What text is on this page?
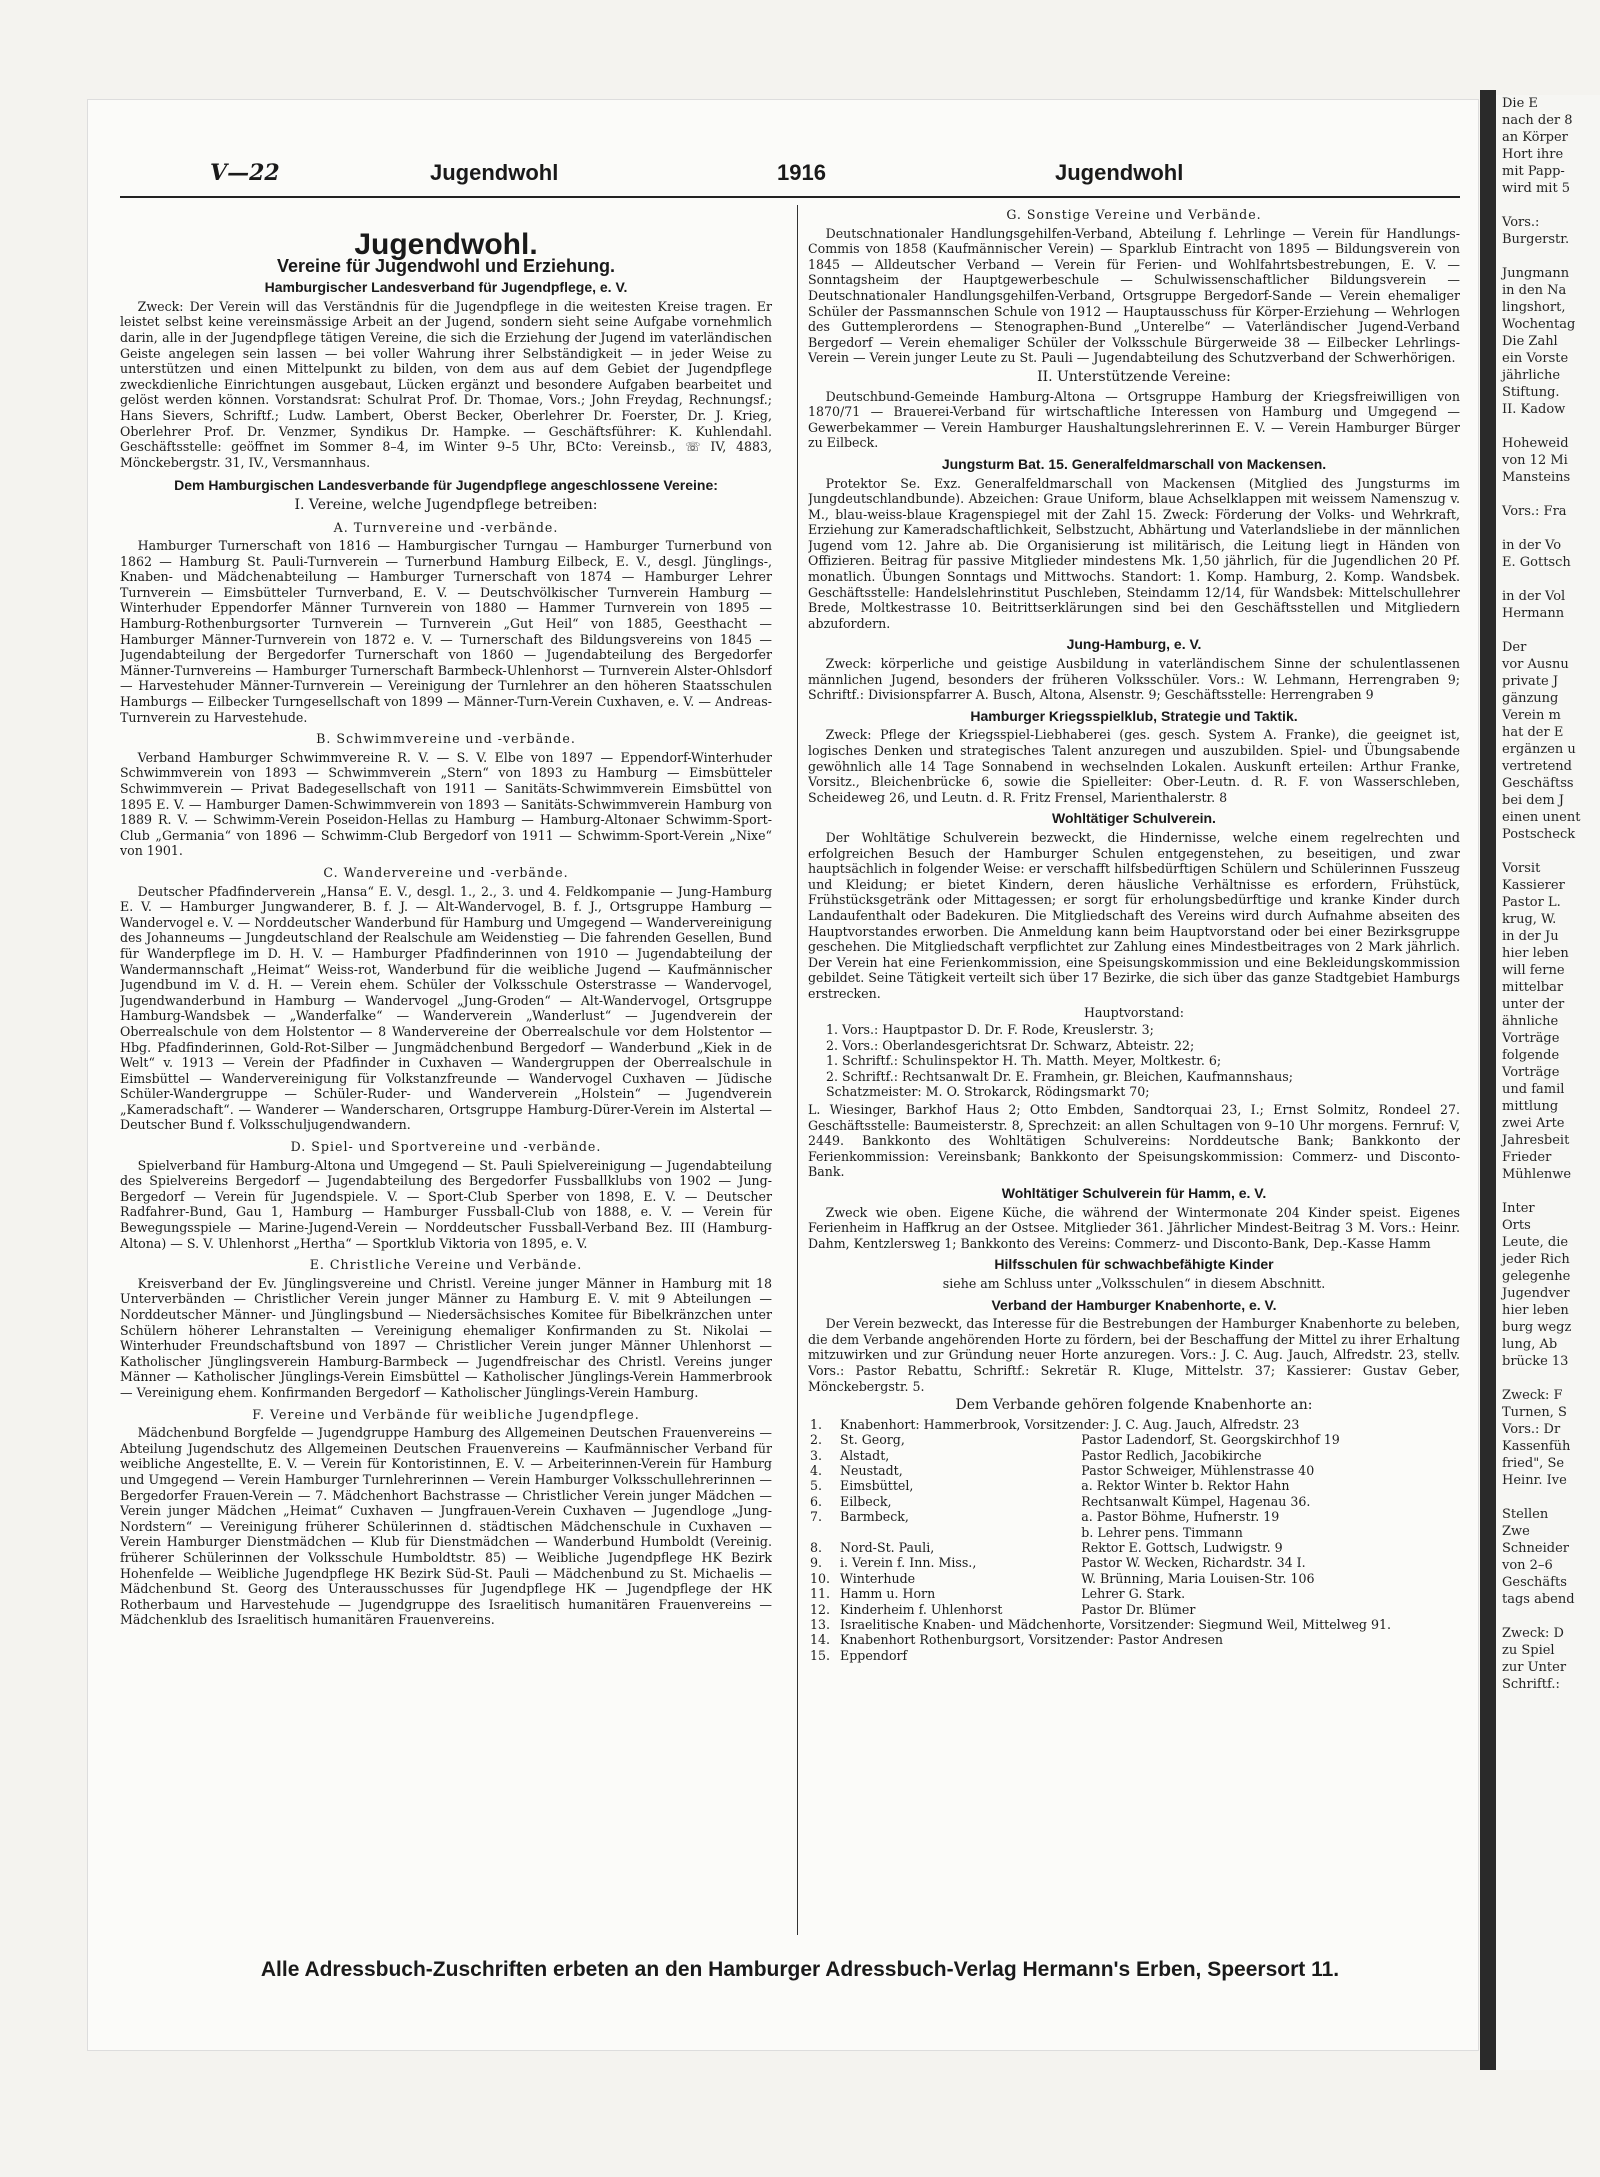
Die E
nach der 8
an Körper
Hort ihre
mit Papp-
wird mit 5

Vors.:
Burgerstr.

Jungmann
in den Na
lingshort,
Wochentag
Die Zahl
ein Vorste
jährliche
Stiftung.
II. Kadow

Hoheweid
von 12 Mi
Mansteins

Vors.: Fra

in der Vo
E. Gottsch

in der Vol
Hermann

Der
vor Ausnu
private J
gänzung
Verein m
hat der E
ergänzen u
vertretend
Geschäftss
bei dem J
einen unent
Postscheck

Vorsit
Kassierer
Pastor L.
krug, W.
in der Ju
hier leben
will ferne
mittelbar
unter der
ähnliche
Vorträge
folgende
Vorträge
und famil
mittlung
zwei Arte
Jahresbeit
Frieder
Mühlenwe

Inter
Orts
Leute, die
jeder Rich
gelegenhe
Jugendver
hier leben
burg wegz
lung, Ab
brücke 13

Zweck: F
Turnen, S
Vors.: Dr
Kassenfüh
fried", Se
Heinr. Ive

Stellen
Zwe
Schneider
von 2–6
Geschäfts
tags abend

Zweck: D
zu Spiel
zur Unter
Schriftf.:
V—22	Jugendwohl	1916	Jugendwohl
Jugendwohl.
Vereine für Jugendwohl und Erziehung.
Hamburgischer Landesverband für Jugendpflege, e. V.

Zweck: Der Verein will das Verständnis für die Jugendpflege in die weitesten Kreise tragen. Er leistet selbst keine vereinsmässige Arbeit an der Jugend, sondern sieht seine Aufgabe vornehmlich darin, alle in der Jugendpflege tätigen Vereine, die sich die Erziehung der Jugend im vaterländischen Geiste angelegen sein lassen — bei voller Wahrung ihrer Selbständigkeit — in jeder Weise zu unterstützen und einen Mittelpunkt zu bilden, von dem aus auf dem Gebiet der Jugendpflege zweckdienliche Einrichtungen ausgebaut, Lücken ergänzt und besondere Aufgaben bearbeitet und gelöst werden können. Vorstandsrat: Schulrat Prof. Dr. Thomae, Vors.; John Freydag, Rechnungsf.; Hans Sievers, Schriftf.; Ludw. Lambert, Oberst Becker, Oberlehrer Dr. Foerster, Dr. J. Krieg, Oberlehrer Prof. Dr. Venzmer, Syndikus Dr. Hampke. — Geschäftsführer: K. Kuhlendahl. Geschäftsstelle: geöffnet im Sommer 8–4, im Winter 9–5 Uhr, BCto: Vereinsb., ☏ IV, 4883, Mönckebergstr. 31, IV., Versmannhaus.

Dem Hamburgischen Landesverbande für Jugendpflege angeschlossene Vereine:
I. Vereine, welche Jugendpflege betreiben:
A. Turnvereine und -verbände.

Hamburger Turnerschaft von 1816 — Hamburgischer Turngau — Hamburger Turnerbund von 1862 — Hamburg St. Pauli-Turnverein — Turnerbund Hamburg Eilbeck, E. V., desgl. Jünglings-, Knaben- und Mädchenabteilung — Hamburger Turnerschaft von 1874 — Hamburger Lehrer Turnverein — Eimsbütteler Turnverband, E. V. — Deutschvölkischer Turnverein Hamburg — Winterhuder Eppendorfer Männer Turnverein von 1880 — Hammer Turnverein von 1895 — Hamburg-Rothenburgsorter Turnverein — Turnverein „Gut Heil“ von 1885, Geesthacht — Hamburger Männer-Turnverein von 1872 e. V. — Turnerschaft des Bildungsvereins von 1845 — Jugendabteilung der Bergedorfer Turnerschaft von 1860 — Jugendabteilung des Bergedorfer Männer-Turnvereins — Hamburger Turnerschaft Barmbeck-Uhlenhorst — Turnverein Alster-Ohlsdorf — Harvestehuder Männer-Turnverein — Vereinigung der Turnlehrer an den höheren Staatsschulen Hamburgs — Eilbecker Turngesellschaft von 1899 — Männer-Turn-Verein Cuxhaven, e. V. — Andreas-Turnverein zu Harvestehude.

B. Schwimmvereine und -verbände.

Verband Hamburger Schwimmvereine R. V. — S. V. Elbe von 1897 — Eppendorf-Winterhuder Schwimmverein von 1893 — Schwimmverein „Stern“ von 1893 zu Hamburg — Eimsbütteler Schwimmverein — Privat Badegesellschaft von 1911 — Sanitäts-Schwimmverein Eimsbüttel von 1895 E. V. — Hamburger Damen-Schwimmverein von 1893 — Sanitäts-Schwimmverein Hamburg von 1889 R. V. — Schwimm-Verein Poseidon-Hellas zu Hamburg — Hamburg-Altonaer Schwimm-Sport-Club „Germania“ von 1896 — Schwimm-Club Bergedorf von 1911 — Schwimm-Sport-Verein „Nixe“ von 1901.

C. Wandervereine und -verbände.

Deutscher Pfadfinderverein „Hansa“ E. V., desgl. 1., 2., 3. und 4. Feldkompanie — Jung-Hamburg E. V. — Hamburger Jungwanderer, B. f. J. — Alt-Wandervogel, B. f. J., Ortsgruppe Hamburg — Wandervogel e. V. — Norddeutscher Wanderbund für Hamburg und Umgegend — Wandervereinigung des Johanneums — Jungdeutschland der Realschule am Weidenstieg — Die fahrenden Gesellen, Bund für Wanderpflege im D. H. V. — Hamburger Pfadfinderinnen von 1910 — Jugendabteilung der Wandermannschaft „Heimat“ Weiss-rot, Wanderbund für die weibliche Jugend — Kaufmännischer Jugendbund im V. d. H. — Verein ehem. Schüler der Volksschule Osterstrasse — Wandervogel, Jugendwanderbund in Hamburg — Wandervogel „Jung-Groden“ — Alt-Wandervogel, Ortsgruppe Hamburg-Wandsbek — „Wanderfalke“ — Wanderverein „Wanderlust“ — Jugendverein der Oberrealschule von dem Holstentor — 8 Wandervereine der Oberrealschule vor dem Holstentor — Hbg. Pfadfinderinnen, Gold-Rot-Silber — Jungmädchenbund Bergedorf — Wanderbund „Kiek in de Welt“ v. 1913 — Verein der Pfadfinder in Cuxhaven — Wandergruppen der Oberrealschule in Eimsbüttel — Wandervereinigung für Volkstanzfreunde — Wandervogel Cuxhaven — Jüdische Schüler-Wandergruppe — Schüler-Ruder- und Wanderverein „Holstein“ — Jugendverein „Kameradschaft“. — Wanderer — Wanderscharen, Ortsgruppe Hamburg-Dürer-Verein im Alstertal — Deutscher Bund f. Volksschuljugendwandern.

D. Spiel- und Sportvereine und -verbände.

Spielverband für Hamburg-Altona und Umgegend — St. Pauli Spielvereinigung — Jugendabteilung des Spielvereins Bergedorf — Jugendabteilung des Bergedorfer Fussballklubs von 1902 — Jung-Bergedorf — Verein für Jugendspiele. V. — Sport-Club Sperber von 1898, E. V. — Deutscher Radfahrer-Bund, Gau 1, Hamburg — Hamburger Fussball-Club von 1888, e. V. — Verein für Bewegungsspiele — Marine-Jugend-Verein — Norddeutscher Fussball-Verband Bez. III (Hamburg-Altona) — S. V. Uhlenhorst „Hertha“ — Sportklub Viktoria von 1895, e. V.

E. Christliche Vereine und Verbände.

Kreisverband der Ev. Jünglingsvereine und Christl. Vereine junger Männer in Hamburg mit 18 Unterverbänden — Christlicher Verein junger Männer zu Hamburg E. V. mit 9 Abteilungen — Norddeutscher Männer- und Jünglingsbund — Niedersächsisches Komitee für Bibelkränzchen unter Schülern höherer Lehranstalten — Vereinigung ehemaliger Konfirmanden zu St. Nikolai — Winterhuder Freundschaftsbund von 1897 — Christlicher Verein junger Männer Uhlenhorst — Katholischer Jünglingsverein Hamburg-Barmbeck — Jugendfreischar des Christl. Vereins junger Männer — Katholischer Jünglings-Verein Eimsbüttel — Katholischer Jünglings-Verein Hammerbrook — Vereinigung ehem. Konfirmanden Bergedorf — Katholischer Jünglings-Verein Hamburg.

F. Vereine und Verbände für weibliche Jugendpflege.

Mädchenbund Borgfelde — Jugendgruppe Hamburg des Allgemeinen Deutschen Frauenvereins — Abteilung Jugendschutz des Allgemeinen Deutschen Frauenvereins — Kaufmännischer Verband für weibliche Angestellte, E. V. — Verein für Kontoristinnen, E. V. — Arbeiterinnen-Verein für Hamburg und Umgegend — Verein Hamburger Turnlehrerinnen — Verein Hamburger Volksschullehrerinnen — Bergedorfer Frauen-Verein — 7. Mädchenhort Bachstrasse — Christlicher Verein junger Mädchen — Verein junger Mädchen „Heimat“ Cuxhaven — Jungfrauen-Verein Cuxhaven — Jugendloge „Jung-Nordstern“ — Vereinigung früherer Schülerinnen d. städtischen Mädchenschule in Cuxhaven — Verein Hamburger Dienstmädchen — Klub für Dienstmädchen — Wanderbund Humboldt (Vereinig. früherer Schülerinnen der Volksschule Humboldtstr. 85) — Weibliche Jugendpflege HK Bezirk Hohenfelde — Weibliche Jugendpflege HK Bezirk Süd-St. Pauli — Mädchenbund zu St. Michaelis — Mädchenbund St. Georg des Unterausschusses für Jugendpflege HK — Jugendpflege der HK Rotherbaum und Harvestehude — Jugendgruppe des Israelitisch humanitären Frauenvereins — Mädchenklub des Israelitisch humanitären Frauenvereins.

G. Sonstige Vereine und Verbände.

Deutschnationaler Handlungsgehilfen-Verband, Abteilung f. Lehrlinge — Verein für Handlungs-Commis von 1858 (Kaufmännischer Verein) — Sparklub Eintracht von 1895 — Bildungsverein von 1845 — Alldeutscher Verband — Verein für Ferien- und Wohlfahrtsbestrebungen, E. V. — Sonntagsheim der Hauptgewerbeschule — Schulwissenschaftlicher Bildungsverein — Deutschnationaler Handlungsgehilfen-Verband, Ortsgruppe Bergedorf-Sande — Verein ehemaliger Schüler der Passmannschen Schule von 1912 — Hauptausschuss für Körper-Erziehung — Wehrlogen des Guttemplerordens — Stenographen-Bund „Unterelbe“ — Vaterländischer Jugend-Verband Bergedorf — Verein ehemaliger Schüler der Volksschule Bürgerweide 38 — Eilbecker Lehrlings-Verein — Verein junger Leute zu St. Pauli — Jugendabteilung des Schutzverband der Schwerhörigen.

II. Unterstützende Vereine:

Deutschbund-Gemeinde Hamburg-Altona — Ortsgruppe Hamburg der Kriegsfreiwilligen von 1870/71 — Brauerei-Verband für wirtschaftliche Interessen von Hamburg und Umgegend — Gewerbekammer — Verein Hamburger Haushaltungslehrerinnen E. V. — Verein Hamburger Bürger zu Eilbeck.

Jungsturm Bat. 15. Generalfeldmarschall von Mackensen.

Protektor Se. Exz. Generalfeldmarschall von Mackensen (Mitglied des Jungsturms im Jungdeutschlandbunde). Abzeichen: Graue Uniform, blaue Achselklappen mit weissem Namenszug v. M., blau-weiss-blaue Kragenspiegel mit der Zahl 15. Zweck: Förderung der Volks- und Wehrkraft, Erziehung zur Kameradschaftlichkeit, Selbstzucht, Abhärtung und Vaterlandsliebe in der männlichen Jugend vom 12. Jahre ab. Die Organisierung ist militärisch, die Leitung liegt in Händen von Offizieren. Beitrag für passive Mitglieder mindestens Mk. 1,50 jährlich, für die Jugendlichen 20 Pf. monatlich. Übungen Sonntags und Mittwochs. Standort: 1. Komp. Hamburg, 2. Komp. Wandsbek. Geschäftsstelle: Handelslehrinstitut Puschleben, Steindamm 12/14, für Wandsbek: Mittelschullehrer Brede, Moltkestrasse 10. Beitrittserklärungen sind bei den Geschäftsstellen und Mitgliedern abzufordern.

Jung-Hamburg, e. V.

Zweck: körperliche und geistige Ausbildung in vaterländischem Sinne der schulentlassenen männlichen Jugend, besonders der früheren Volksschüler. Vors.: W. Lehmann, Herrengraben 9; Schriftf.: Divisionspfarrer A. Busch, Altona, Alsenstr. 9; Geschäftsstelle: Herrengraben 9

Hamburger Kriegsspielklub, Strategie und Taktik.

Zweck: Pflege der Kriegsspiel-Liebhaberei (ges. gesch. System A. Franke), die geeignet ist, logisches Denken und strategisches Talent anzuregen und auszubilden. Spiel- und Übungsabende gewöhnlich alle 14 Tage Sonnabend in wechselnden Lokalen. Auskunft erteilen: Arthur Franke, Vorsitz., Bleichenbrücke 6, sowie die Spielleiter: Ober-Leutn. d. R. F. von Wasserschleben, Scheideweg 26, und Leutn. d. R. Fritz Frensel, Marienthalerstr. 8

Wohltätiger Schulverein.

Der Wohltätige Schulverein bezweckt, die Hindernisse, welche einem regelrechten und erfolgreichen Besuch der Hamburger Schulen entgegenstehen, zu beseitigen, und zwar hauptsächlich in folgender Weise: er verschafft hilfsbedürftigen Schülern und Schülerinnen Fusszeug und Kleidung; er bietet Kindern, deren häusliche Verhältnisse es erfordern, Frühstück, Frühstücksgetränk oder Mittagessen; er sorgt für erholungsbedürftige und kranke Kinder durch Landaufenthalt oder Badekuren. Die Mitgliedschaft des Vereins wird durch Aufnahme abseiten des Hauptvorstandes erworben. Die Anmeldung kann beim Hauptvorstand oder bei einer Bezirksgruppe geschehen. Die Mitgliedschaft verpflichtet zur Zahlung eines Mindestbeitrages von 2 Mark jährlich. Der Verein hat eine Ferienkommission, eine Speisungskommission und eine Bekleidungskommission gebildet. Seine Tätigkeit verteilt sich über 17 Bezirke, die sich über das ganze Stadtgebiet Hamburgs erstrecken.

Hauptvorstand:
1. Vors.: Hauptpastor D. Dr. F. Rode, Kreuslerstr. 3;
2. Vors.: Oberlandesgerichtsrat Dr. Schwarz, Abteistr. 22;
1. Schriftf.: Schulinspektor H. Th. Matth. Meyer, Moltkestr. 6;
2. Schriftf.: Rechtsanwalt Dr. E. Framhein, gr. Bleichen, Kaufmannshaus;
Schatzmeister: M. O. Strokarck, Rödingsmarkt 70;

L. Wiesinger, Barkhof Haus 2; Otto Embden, Sandtorquai 23, I.; Ernst Solmitz, Rondeel 27. Geschäftsstelle: Baumeisterstr. 8, Sprechzeit: an allen Schultagen von 9–10 Uhr morgens. Fernruf: V, 2449. Bankkonto des Wohltätigen Schulvereins: Norddeutsche Bank; Bankkonto der Ferienkommission: Vereinsbank; Bankkonto der Speisungskommission: Commerz- und Disconto-Bank.

Wohltätiger Schulverein für Hamm, e. V.

Zweck wie oben. Eigene Küche, die während der Wintermonate 204 Kinder speist. Eigenes Ferienheim in Haffkrug an der Ostsee. Mitglieder 361. Jährlicher Mindest-Beitrag 3 M. Vors.: Heinr. Dahm, Kentzlersweg 1; Bankkonto des Vereins: Commerz- und Disconto-Bank, Dep.-Kasse Hamm

Hilfsschulen für schwachbefähigte Kinder
siehe am Schluss unter „Volksschulen“ in diesem Abschnitt.
Verband der Hamburger Knabenhorte, e. V.

Der Verein bezweckt, das Interesse für die Bestrebungen der Hamburger Knabenhorte zu beleben, die dem Verbande angehörenden Horte zu fördern, bei der Beschaffung der Mittel zu ihrer Erhaltung mitzuwirken und zur Gründung neuer Horte anzuregen. Vors.: J. C. Aug. Jauch, Alfredstr. 23, stellv. Vors.: Pastor Rebattu, Schriftf.: Sekretär R. Kluge, Mittelstr. 37; Kassierer: Gustav Geber, Mönckebergstr. 5.

Dem Verbande gehören folgende Knabenhorte an:
1.	Knabenhort: Hammerbrook, Vorsitzender: J. C. Aug. Jauch, Alfredstr. 23	
2.	St. Georg,	Pastor Ladendorf, St. Georgskirchhof 19
3.	Alstadt,	Pastor Redlich, Jacobikirche
4.	Neustadt,	Pastor Schweiger, Mühlenstrasse 40
5.	Eimsbüttel,	a. Rektor Winter b. Rektor Hahn
6.	Eilbeck,	Rechtsanwalt Kümpel, Hagenau 36.
7.	Barmbeck,	a. Pastor Böhme, Hufnerstr. 19
		b. Lehrer pens. Timmann
8.	Nord-St. Pauli,	Rektor E. Gottsch, Ludwigstr. 9
9.	i. Verein f. Inn. Miss.,	Pastor W. Wecken, Richardstr. 34 I.
10.	Winterhude	W. Brünning, Maria Louisen-Str. 106
11.	Hamm u. Horn	Lehrer G. Stark.
12.	Kinderheim f. Uhlenhorst	Pastor Dr. Blümer
13.	Israelitische Knaben- und Mädchenhorte, Vorsitzender: Siegmund Weil, Mittelweg 91.	
14.	Knabenhort Rothenburgsort, Vorsitzender: Pastor Andresen	
15.	Eppendorf	
Alle Adressbuch-Zuschriften erbeten an den Hamburger Adressbuch-Verlag Hermann's Erben, Speersort 11.
